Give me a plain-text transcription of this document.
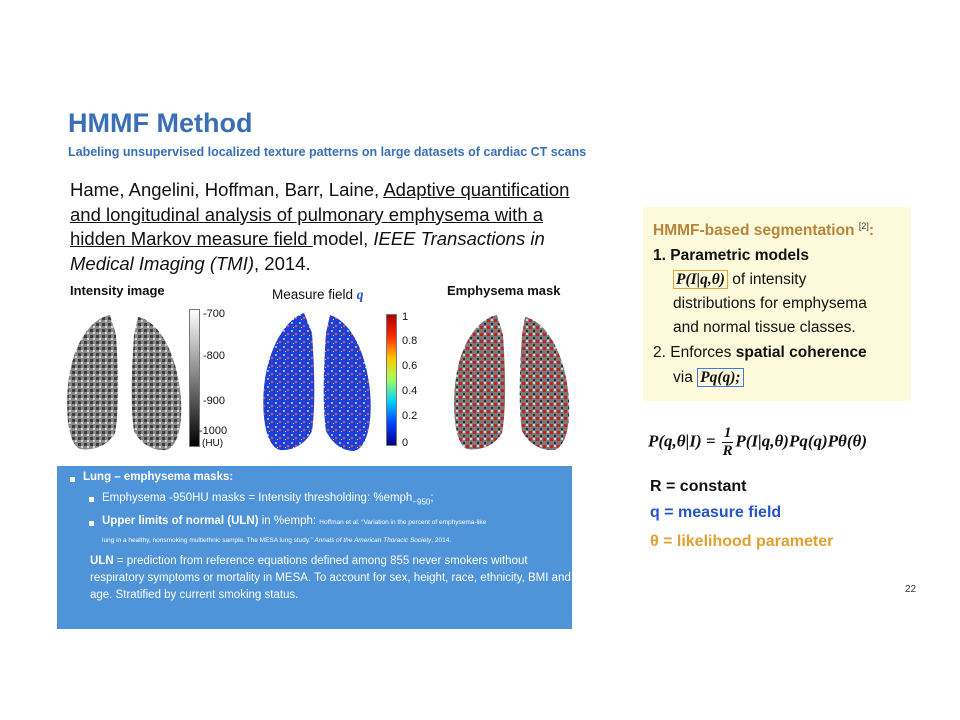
HMMF Method
Labeling unsupervised localized texture patterns on large datasets of cardiac CT scans
Hame, Angelini, Hoffman, Barr, Laine, Adaptive quantification
and longitudinal analysis of pulmonary emphysema with a
hidden Markov measure field model, IEEE Transactions in
Medical Imaging (TMI), 2014.
Intensity image	Measure field q	Emphysema mask
-700
-800
-900
-1000
(HU)
1
0.8
0.6
0.4
0.2
0
HMMF-based segmentation [2]:
1. Parametric models
P(I|q,θ) of intensity
distributions for emphysema
and normal tissue classes.
2. Enforces spatial coherence
via Pq(q);
$P(q,\theta|I) = \frac{1}{R} P(I|q,\theta)Pq(q)P\theta(\theta)$
R = constant
q = measure field
θ = likelihood parameter
Lung – emphysema masks:
Emphysema -950HU masks = Intensity thresholding: %emph$_{-950}$;
Upper limits of normal (ULN) in %emph: Hoffman et al. “Variation in the percent of emphysema-like
lung in a healthy, nonsmoking multiethnic sample. The MESA lung study.” Annals of the American Thoracic Society, 2014.
ULN = prediction from reference equations defined among 855 never smokers without
respiratory symptoms or mortality in MESA. To account for sex, height, race, ethnicity, BMI and
age. Stratified by current smoking status.	22
